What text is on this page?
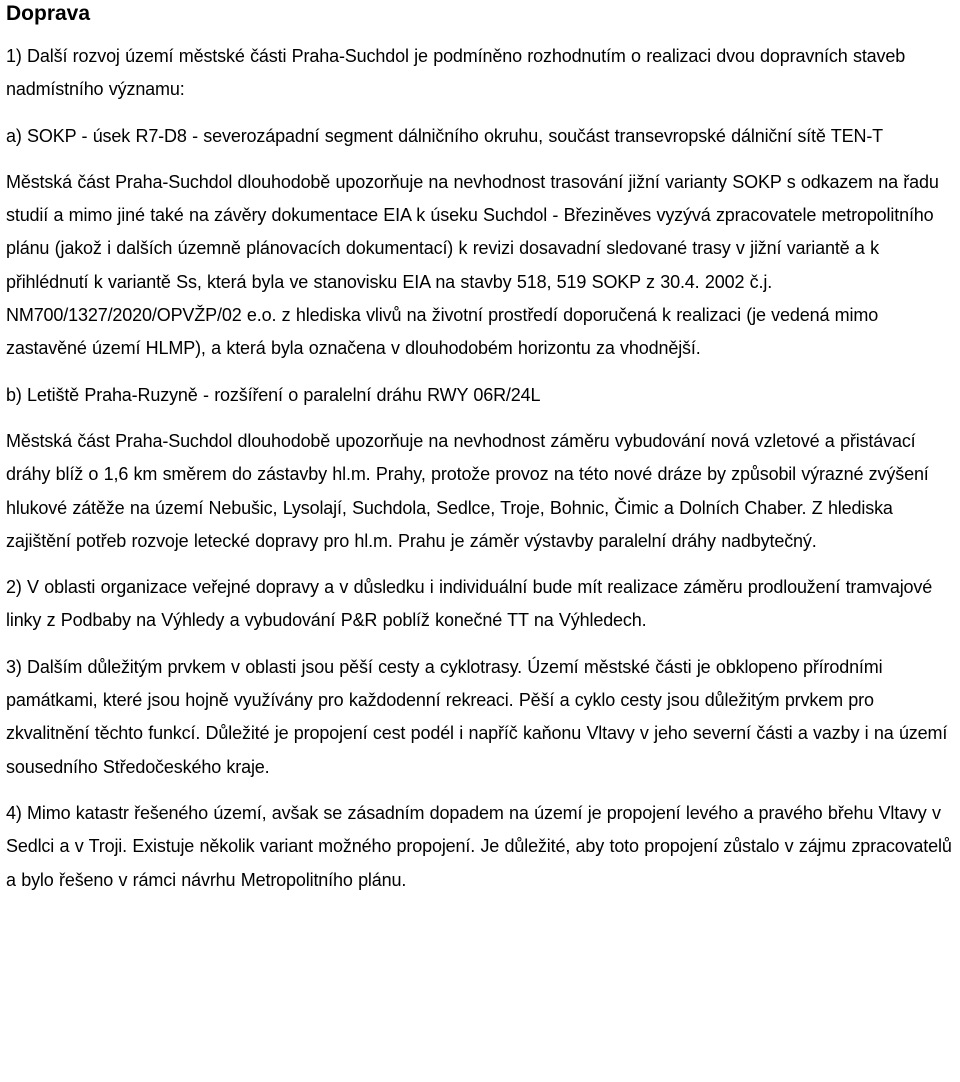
Doprava

1) Další rozvoj území městské části Praha-Suchdol je podmíněno rozhodnutím o realizaci dvou dopravních staveb nadmístního významu:

a) SOKP - úsek R7-D8 - severozápadní segment dálničního okruhu, součást transevropské dálniční sítě TEN-T

Městská část Praha-Suchdol dlouhodobě upozorňuje na nevhodnost trasování jižní varianty SOKP s odkazem na řadu studií a mimo jiné také na závěry dokumentace EIA k úseku Suchdol - Březiněves vyzývá zpracovatele metropolitního plánu (jakož i dalších územně plánovacích dokumentací) k revizi dosavadní sledované trasy v jižní variantě a k přihlédnutí k variantě Ss, která byla ve stanovisku EIA na stavby 518, 519 SOKP z 30.4. 2002 č.j. NM700/1327/2020/OPVŽP/02 e.o. z hlediska vlivů na životní prostředí doporučená k realizaci (je vedená mimo zastavěné území HLMP), a která byla označena v dlouhodobém horizontu za vhodnější.

b) Letiště Praha-Ruzyně - rozšíření o paralelní dráhu RWY 06R/24L

Městská část Praha-Suchdol dlouhodobě upozorňuje na nevhodnost záměru vybudování nová vzletové a přistávací dráhy blíž o 1,6 km směrem do zástavby hl.m. Prahy, protože provoz na této nové dráze by způsobil výrazné zvýšení hlukové zátěže na území Nebušic, Lysolají, Suchdola, Sedlce, Troje, Bohnic, Čimic a Dolních Chaber. Z hlediska zajištění potřeb rozvoje letecké dopravy pro hl.m. Prahu je záměr výstavby paralelní dráhy nadbytečný.

2) V oblasti organizace veřejné dopravy a v důsledku i individuální bude mít realizace záměru prodloužení tramvajové linky z Podbaby na Výhledy a vybudování P&R poblíž konečné TT na Výhledech.

3) Dalším důležitým prvkem v oblasti jsou pěší cesty a cyklotrasy. Území městské části je obklopeno přírodními památkami, které jsou hojně využívány pro každodenní rekreaci. Pěší a cyklo cesty jsou důležitým prvkem pro zkvalitnění těchto funkcí. Důležité je propojení cest podél i napříč kaňonu Vltavy v jeho severní části a vazby i na území sousedního Středočeského kraje.

4) Mimo katastr řešeného území, avšak se zásadním dopadem na území je propojení levého a pravého břehu Vltavy v Sedlci a v Troji. Existuje několik variant možného propojení. Je důležité, aby toto propojení zůstalo v zájmu zpracovatelů a bylo řešeno v rámci návrhu Metropolitního plánu.
